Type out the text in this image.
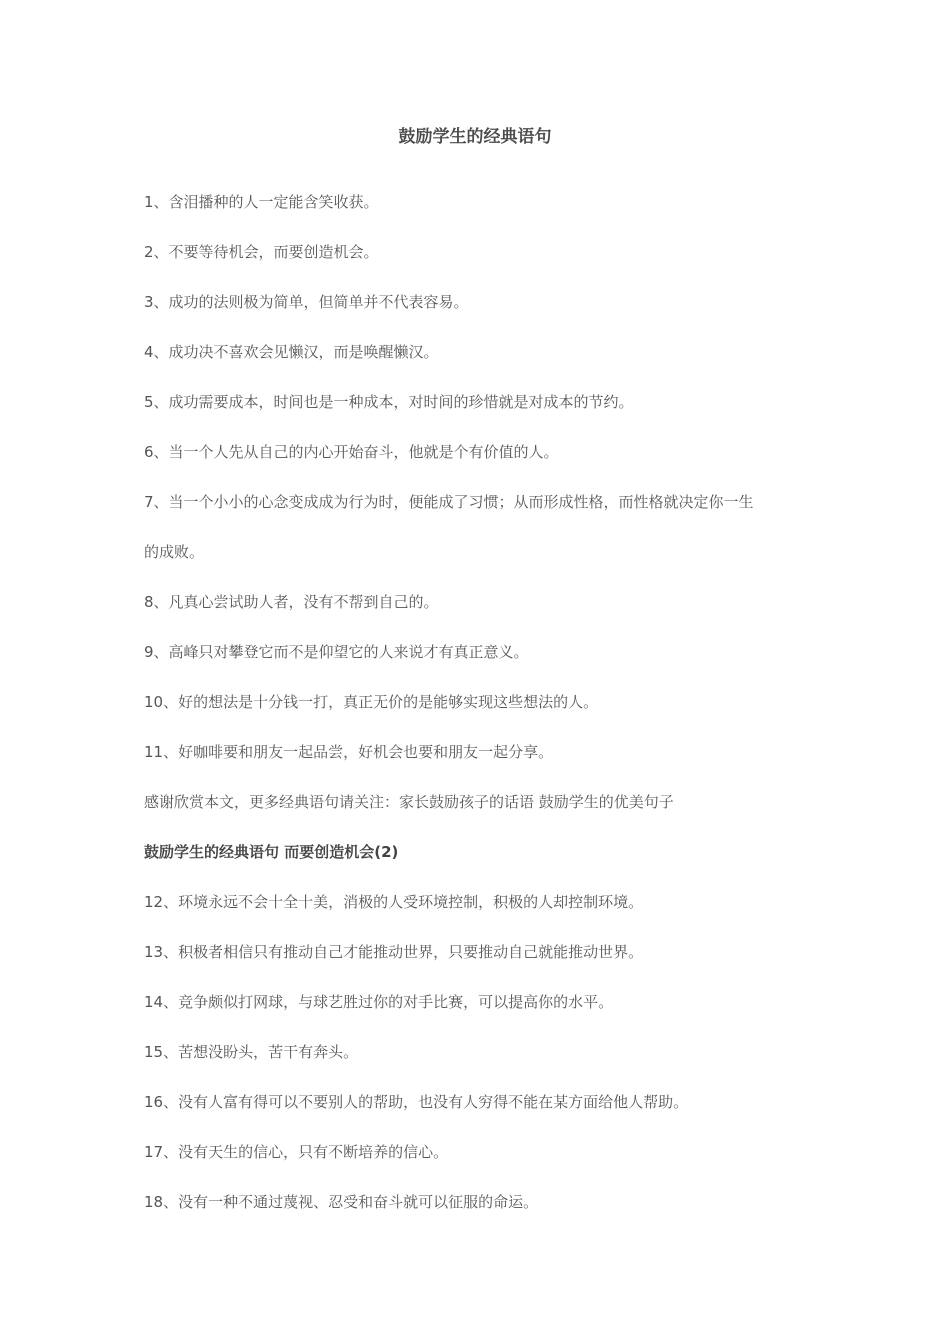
鼓励学生的经典语句
1、含泪播种的人一定能含笑收获。
2、不要等待机会，而要创造机会。
3、成功的法则极为简单，但简单并不代表容易。
4、成功决不喜欢会见懒汉，而是唤醒懒汉。
5、成功需要成本，时间也是一种成本，对时间的珍惜就是对成本的节约。
6、当一个人先从自己的内心开始奋斗，他就是个有价值的人。
7、当一个小小的心念变成成为行为时，便能成了习惯；从而形成性格，而性格就决定你一生
的成败。
8、凡真心尝试助人者，没有不帮到自己的。
9、高峰只对攀登它而不是仰望它的人来说才有真正意义。
10、好的想法是十分钱一打，真正无价的是能够实现这些想法的人。
11、好咖啡要和朋友一起品尝，好机会也要和朋友一起分享。
感谢欣赏本文，更多经典语句请关注：家长鼓励孩子的话语 鼓励学生的优美句子
鼓励学生的经典语句 而要创造机会(2)
12、环境永远不会十全十美，消极的人受环境控制，积极的人却控制环境。
13、积极者相信只有推动自己才能推动世界，只要推动自己就能推动世界。
14、竞争颇似打网球，与球艺胜过你的对手比赛，可以提高你的水平。
15、苦想没盼头，苦干有奔头。
16、没有人富有得可以不要别人的帮助，也没有人穷得不能在某方面给他人帮助。
17、没有天生的信心，只有不断培养的信心。
18、没有一种不通过蔑视、忍受和奋斗就可以征服的命运。
